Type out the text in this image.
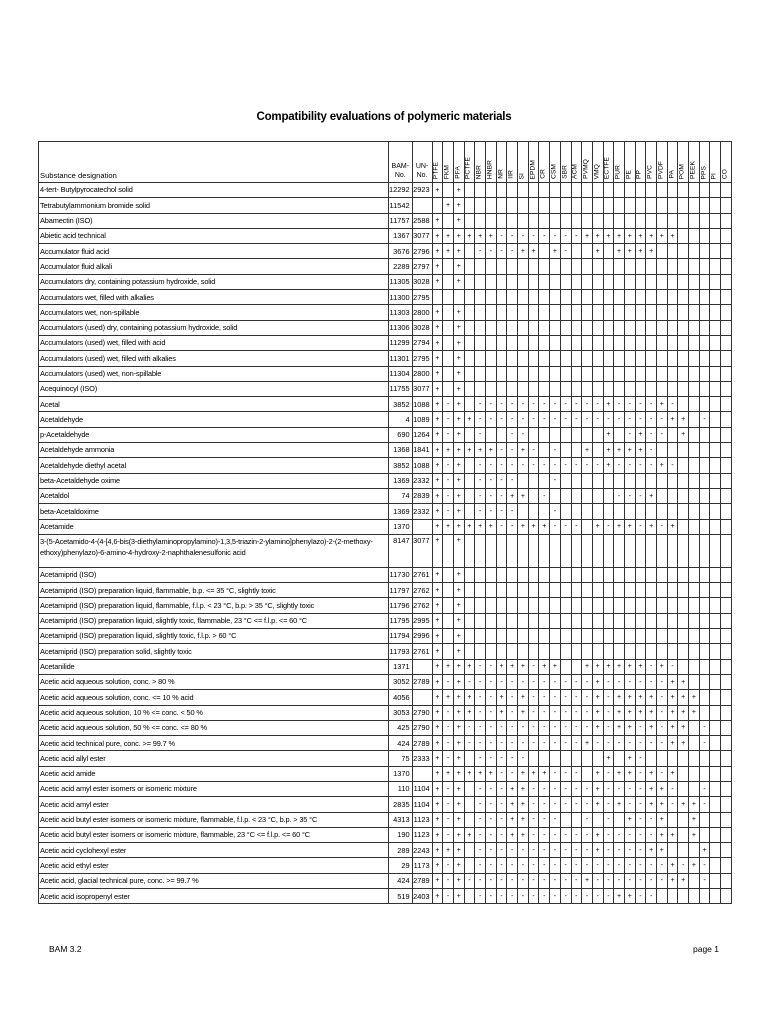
Compatibility evaluations of polymeric materials
Substance designation	BAM-No.	UN-No.	PTFE	FKM	PFA	PCTFE	NBR	HNBR	NR	IIR	SI	EPDM	CR	CSM	SBR	ACM	PVMQ	VMQ	ECTFE	PUR	PE	PP	PVC	PVDF	PA	POM	PEEK	PPS	PI	CO

4-tert- Butylpyrocatechol solid	12292	2923	+		+																									
Tetrabutylammonium bromide solid	11542			+	+																									
Abamectin (ISO)	11757	2588	+		+																									
Abietic acid technical	1367	3077	+	+	+	+	+	+	-	-	-	-	-	-	-	-	+	+	+	+	+	+	+	+	+					
Accumulator fluid acid	3676	2796	+	+	+		-	-	-	-	+	+		+	-			+		+	+	+	+							
Accumulator fluid alkali	2289	2797	+		+																									
Accumulators dry, containing potassium hydroxide, solid	11305	3028	+		+																									
Accumulators wet, filled with alkalies	11300	2795																												
Accumulators wet, non-spillable	11303	2800	+		+																									
Accumulators (used) dry, containing potassium hydroxide, solid	11306	3028	+		+																									
Accumulators (used) wet, filled with acid	11299	2794	+		+																									
Accumulators (used) wet, filled with alkalies	11301	2795	+		+																									
Accumulators (used) wet, non-spillable	11304	2800	+		+																									
Acequinocyl (ISO)	11755	3077	+		+																									
Acetal	3852	1088	+	-	+		-	-	-	-	-	-	-	-	-	-	-	-	+	-	-	-	-	+	-					
Acetaldehyde	4	1089	+	-	+	+	-	-	-	-	-	-	-	-	-	-	-	-	-	-	-	-	-	-	+	+		-		
p-Acetaldehyde	690	1264	+	-	+		-			-	-								+		-	+	-	-		+				
Acetaldehyde ammonia	1368	1841	+	+	+	+	+	+	-	-	+	-		-			+		+	+	+	+	-							
Acetaldehyde diethyl acetal	3852	1088	+	-	+		-	-	-	-	-	-	-	-	-	-	-	-	+	-	-	-	-	+	-					
beta-Acetaldehyde oxime	1369	2332	+	-	+		-	-	-	-				-																
Acetaldol	74	2839	+	-	+		-	-	-	+	+		-							-	-	-	+							
beta-Acetaldoxime	1369	2332	+	-	+		-	-	-	-				-																
Acetamide	1370		+	+	+	+	+	+	-	-	+	+	+	-	-	-		+	-	+	+	-	+	-	+					
3-(5-Acetamido-4-(4-[4,6-bis(3-diethylaminopropylamino)-1,3,5-triazin-2-ylamino]phenylazo)-2-(2-methoxy-ethoxy)phenylazo)-6-amino-4-hydroxy-2-naphthalenesulfonic acid	8147	3077	+		+																									
Acetamiprid (ISO)	11730	2761	+		+																									
Acetamiprid (ISO) preparation liquid, flammable, b.p. <= 35 °C, slightly toxic	11797	2762	+		+																									
Acetamiprid (ISO) preparation liquid, flammable, f.l.p. < 23 °C, b.p. > 35 °C, slightly toxic	11796	2762	+		+																									
Acetamiprid (ISO) preparation liquid, slightly toxic, flammable, 23 °C <= f.l.p. <= 60 °C	11795	2995	+		+																									
Acetamiprid (ISO) preparation liquid, slightly toxic, f.l.p. > 60 °C	11794	2996	+		+																									
Acetamiprid (ISO) preparation solid, slightly toxic	11793	2761	+		+																									
Acetanilide	1371		+	+	+	+	-	-	+	+	+	-	+	+			+	+	+	+	+	+	-	+	-					
Acetic acid aqueous solution, conc. > 80 %	3052	2789	+	-	+	-	-	-	-	-	-	-	-	-	-	-	-	+	-	-	-	-	-	-	+	+				
Acetic acid aqueous solution, conc. <= 10 % acid	4056		+	+	+	+	-	-	+	-	+	-	-	-	-	-	-	+	-	+	+	+	+	-	+	+	+			
Acetic acid aqueous solution, 10 % <= conc. < 50 %	3053	2790	+	-	+	+	-	-	+	-	+	-	-	-	-	-	-	+	-	+	+	+	+	-	+	+	+			
Acetic acid aqueous solution, 50 % <= conc. <= 80 %	425	2790	+	-	+	-	-	-	-	-	-	-	-	-	-	-	-	+	-	+	+	-	+	-	+	+		-		
Acetic acid technical pure, conc. >= 99.7 %	424	2789	+	-	+	-	-	-	-	-	-	-	-	-	-	-	+	-	-	-	-	-	-	-	+	+		-		
Acetic acid allyl ester	75	2333	+	-	+		-	-	-	-	-								+		+	-								
Acetic acid amide	1370		+	+	+	+	+	+	-	-	+	+	+	-	-	-		+	-	+	+	-	+	-	+					
Acetic acid amyl ester isomers or isomeric mixture	110	1104	+	-	+		-	-	-	+	+	-	-	-	-	-	-	+	-	-	-	-	+	+	-			-		
Acetic acid amyl ester	2835	1104	+	-	+		-	-	-	+	+	-	-	-	-	-	-	+	-	+	-	-	+	+	-	+	+	-		
Acetic acid butyl ester isomers or isomeric mixture, flammable, f.l.p. < 23 °C, b.p. > 35 °C	4313	1123	+	-	+		-	-	-	+	+	-	-	-			-		-		+	-	-	+			+			
Acetic acid butyl ester isomers or isomeric mixture, flammable, 23 °C <= f.l.p. <= 60 °C	190	1123	+	-	+	+	-	-	-	+	+	-	-	-	-	-	-	+	-	-	-	-	-	+	+		+			
Acetic acid cyclohexyl ester	289	2243	+	+	+		-	-	-	-	-	-	-	-	-	-	-	+	-	-	-	-	+	+				+		
Acetic acid ethyl ester	29	1173	+	-	+		-	-	-	-	-	-	-	-	-	-	-	-	-	-	-	-	-	-	+	-	+	-		
Acetic acid, glacial technical pure, conc. >= 99.7 %	424	2789	+	-	+	-	-	-	-	-	-	-	-	-	-	-	+	-	-	-	-	-	-	-	+	+		-		
Acetic acid isopropenyl ester	519	2403	+	-	+		-	-	-	-	-	-	-	-	-	-	-	-	-	+	+	-	-							
BAM 3.2	page 1
